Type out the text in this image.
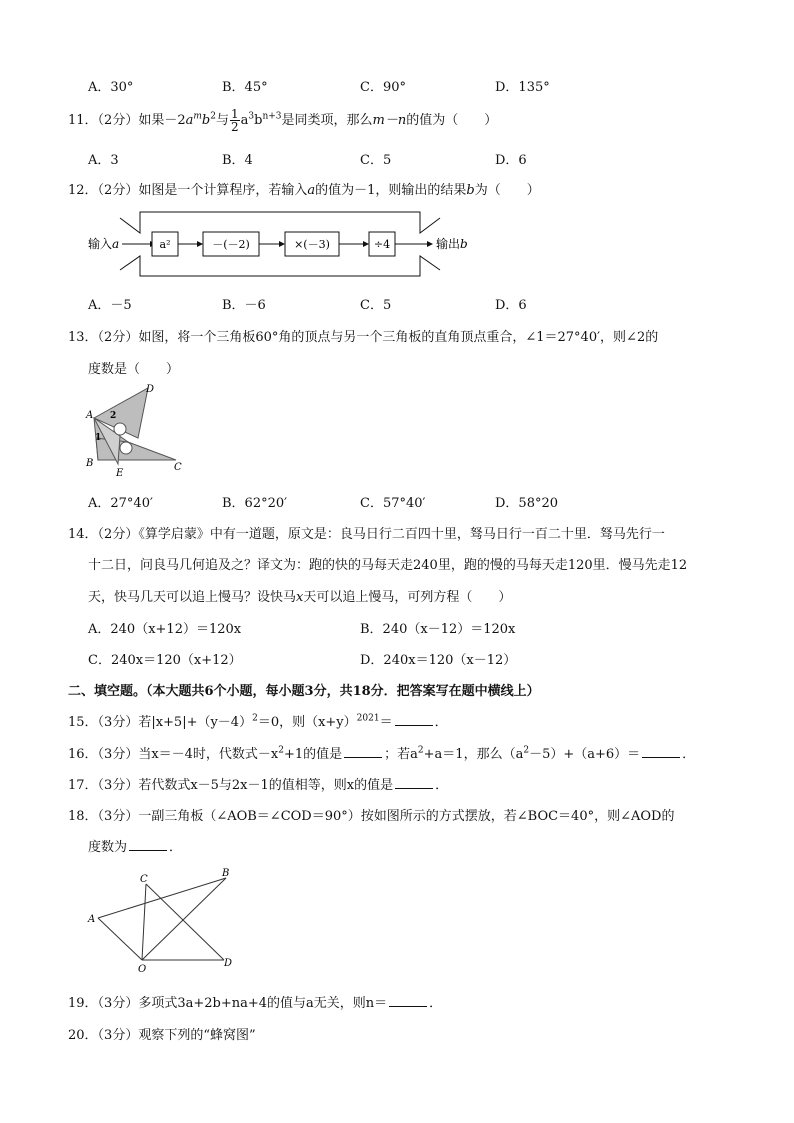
A．30°	B．45°	C．90°	D．135°
11．（2分）如果$-2a^mb^2$与 $\frac{1}{2} a^3b^{n+3}$是同类项，那么m－n的值为（　　）
A．3	B．4	C．5	D．6
12．（2分）如图是一个计算程序，若输入a的值为－1，则输出的结果b为（　　）
输入a	a²	－(－2)	×(－3)	÷4	输出b
A．－5	B．－6	C．5	D．6
13．（2分）如图，将一个三角板60°角的顶点与另一个三角板的直角顶点重合，∠1＝27°40′，则∠2的
度数是（　　）
A
D
B
E
C
2
1
A．27°40′	B．62°20′	C．57°40′	D．58°20
14．（2分）《算学启蒙》中有一道题，原文是：良马日行二百四十里，驽马日行一百二十里．驽马先行一
十二日，问良马几何追及之？译文为：跑的快的马每天走240里，跑的慢的马每天走120里．慢马先走12
天，快马几天可以追上慢马？设快马x天可以追上慢马，可列方程（　　）
A．240（x+12）＝120x	B．240（x－12）＝120x
C．240x＝120（x+12）	D．240x＝120（x－12）
二、填空题。（本大题共6个小题，每小题3分，共18分．把答案写在题中横线上）
15．（3分）若$|x+5|+(y-4)^2=0$，则$(x+y)^{2021}=$	．
16．（3分）当x＝－4时，代数式$-x^2+1$的值是	；若$a^2+a=1$，那么$(a^2-5)+(a+6)=$	．
17．（3分）若代数式x－5与2x－1的值相等，则x的值是	．
18．（3分）一副三角板（∠AOB＝∠COD＝90°）按如图所示的方式摆放，若∠BOC＝40°，则∠AOD的
度数为	．
A
C
B
O
D
19．（3分）多项式3a+2b+na+4的值与a无关，则n＝	．
20．（3分）观察下列的“蜂窝图”
